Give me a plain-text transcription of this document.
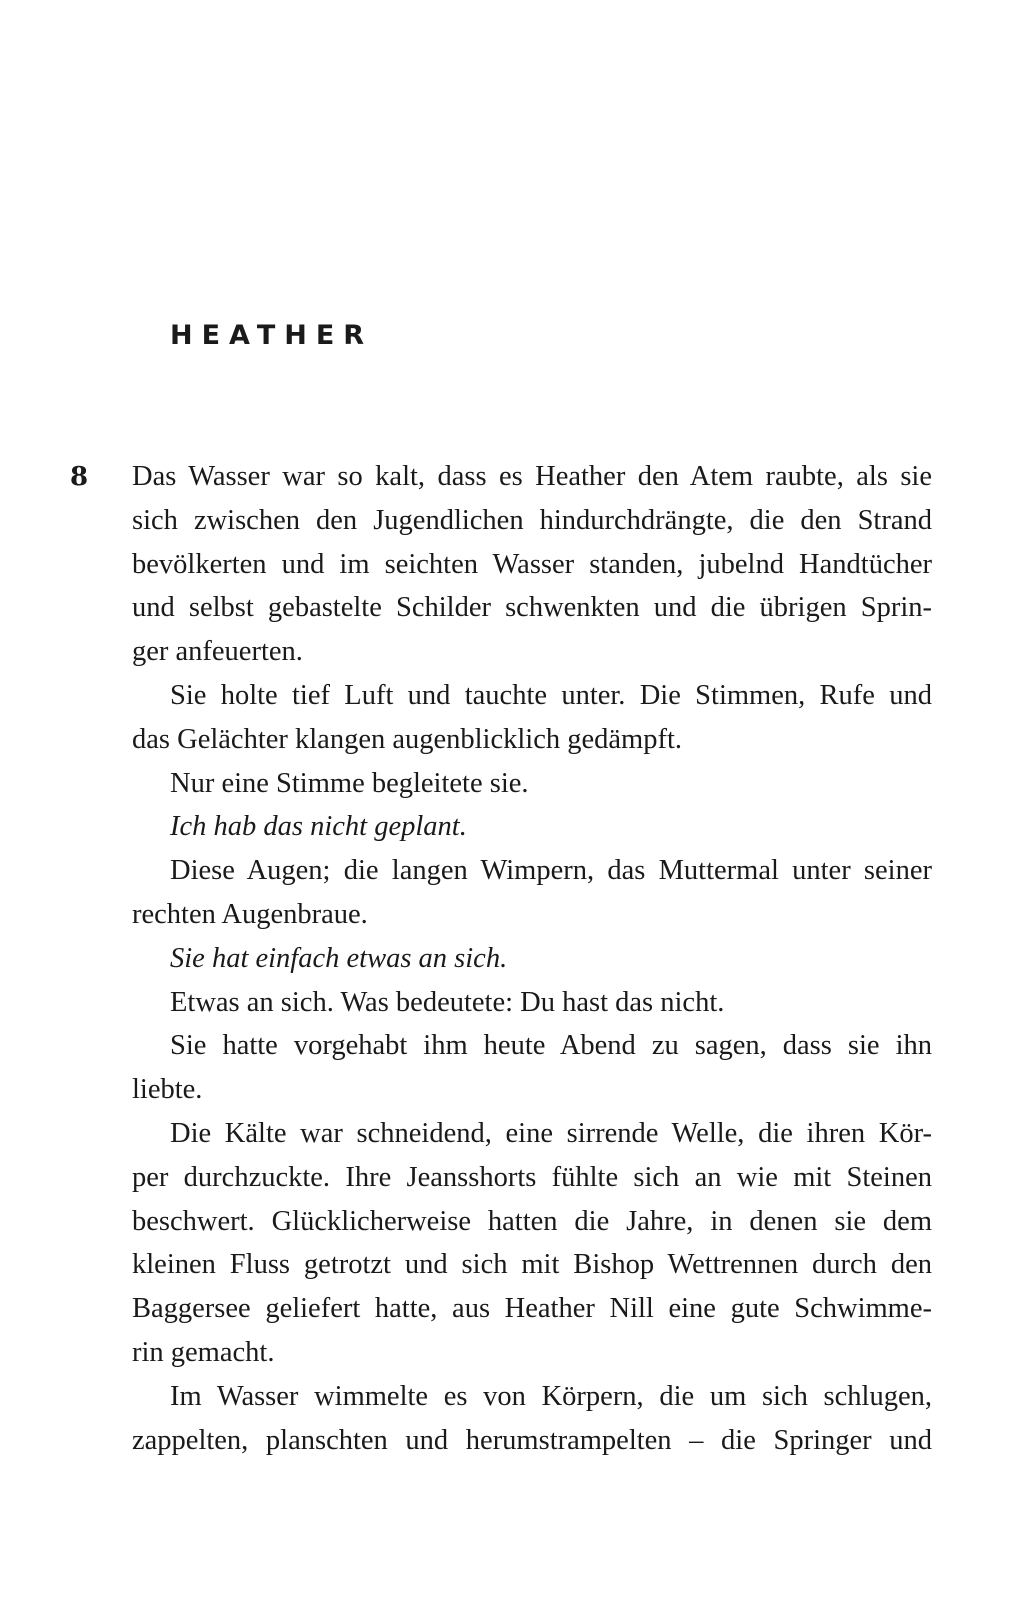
HEATHER
8 Das Wasser war so kalt, dass es Heather den Atem raubte, als sie
sich zwischen den Jugendlichen hindurchdrängte, die den Strand
bevölkerten und im seichten Wasser standen, jubelnd Handtücher
und selbst gebastelte Schilder schwenkten und die übrigen Sprin-
ger anfeuerten.
Sie holte tief Luft und tauchte unter. Die Stimmen, Rufe und
das Gelächter klangen augenblicklich gedämpft.
Nur eine Stimme begleitete sie.
Ich hab das nicht geplant.
Diese Augen; die langen Wimpern, das Muttermal unter seiner
rechten Augenbraue.
Sie hat einfach etwas an sich.
Etwas an sich. Was bedeutete: Du hast das nicht.
Sie hatte vorgehabt ihm heute Abend zu sagen, dass sie ihn
liebte.
Die Kälte war schneidend, eine sirrende Welle, die ihren Kör-
per durchzuckte. Ihre Jeansshorts fühlte sich an wie mit Steinen
beschwert. Glücklicherweise hatten die Jahre, in denen sie dem
kleinen Fluss getrotzt und sich mit Bishop Wettrennen durch den
Baggersee geliefert hatte, aus Heather Nill eine gute Schwimme-
rin gemacht.
Im Wasser wimmelte es von Körpern, die um sich schlugen,
zappelten, planschten und herumstrampelten – die Springer und
